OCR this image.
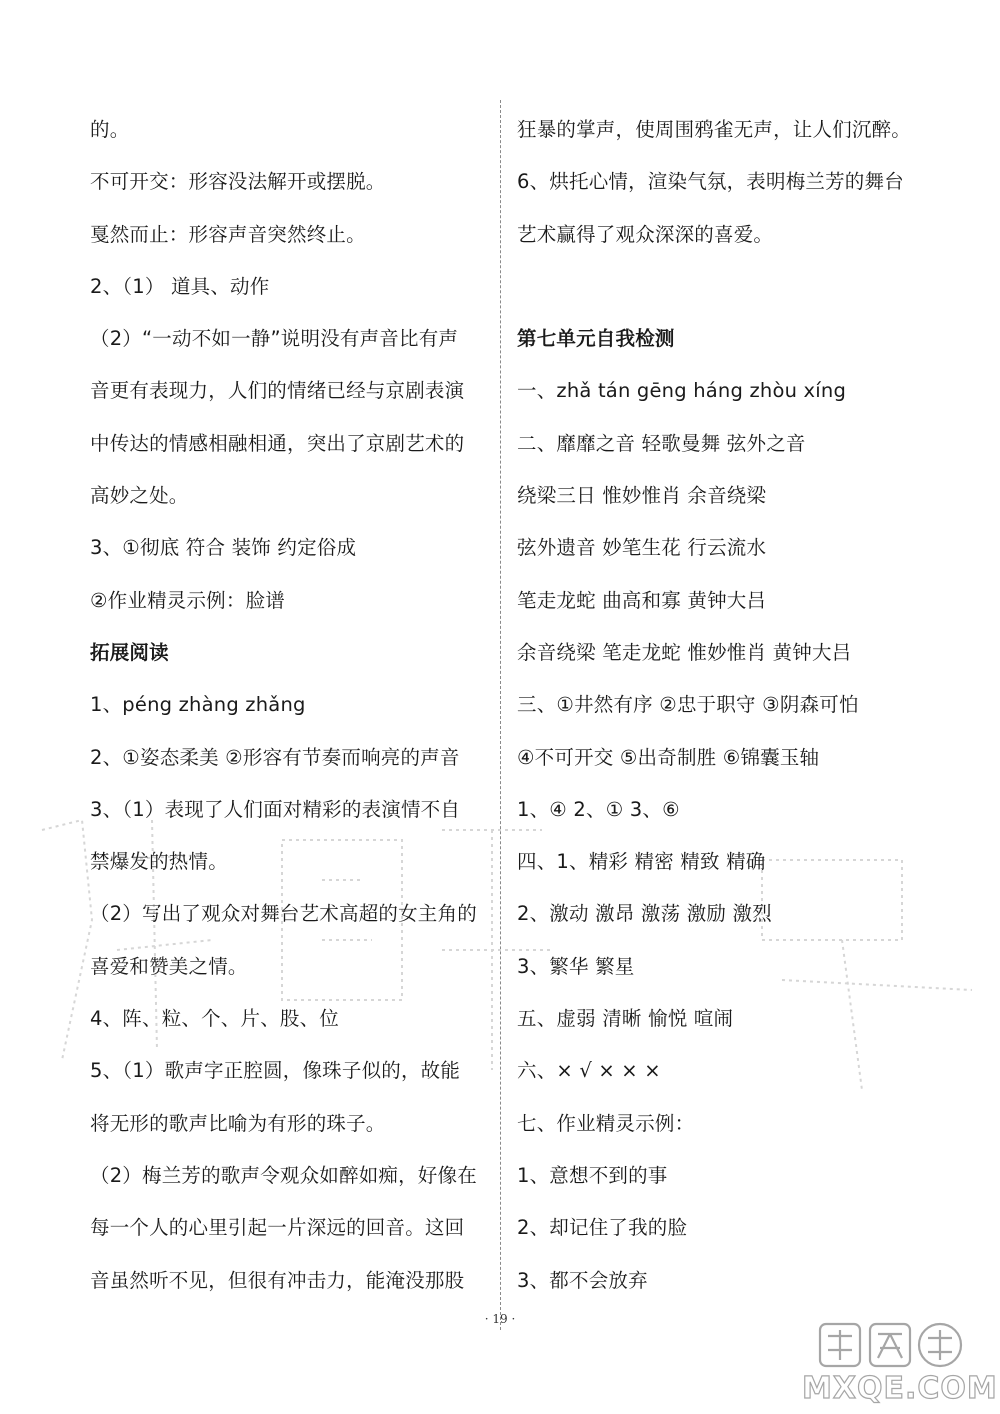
的。
不可开交：形容没法解开或摆脱。
戛然而止：形容声音突然终止。
2、（1） 道具、动作
（2）“一动不如一静”说明没有声音比有声
音更有表现力，人们的情绪已经与京剧表演
中传达的情感相融相通，突出了京剧艺术的
高妙之处。
3、①彻底 符合 装饰 约定俗成
②作业精灵示例：脸谱
拓展阅读
1、péng zhàng zhǎng
2、①姿态柔美 ②形容有节奏而响亮的声音
3、（1）表现了人们面对精彩的表演情不自
禁爆发的热情。
（2）写出了观众对舞台艺术高超的女主角的
喜爱和赞美之情。
4、阵、粒、个、片、股、位
5、（1）歌声字正腔圆，像珠子似的，故能
将无形的歌声比喻为有形的珠子。
（2）梅兰芳的歌声令观众如醉如痴，好像在
每一个人的心里引起一片深远的回音。这回
音虽然听不见，但很有冲击力，能淹没那股
狂暴的掌声，使周围鸦雀无声，让人们沉醉。
6、烘托心情，渲染气氛，表明梅兰芳的舞台
艺术赢得了观众深深的喜爱。
第七单元自我检测
一、zhǎ tán gēng háng zhòu xíng
二、靡靡之音 轻歌曼舞 弦外之音
绕梁三日 惟妙惟肖 余音绕梁
弦外遗音 妙笔生花 行云流水
笔走龙蛇 曲高和寡 黄钟大吕
余音绕梁 笔走龙蛇 惟妙惟肖 黄钟大吕
三、①井然有序 ②忠于职守 ③阴森可怕
④不可开交 ⑤出奇制胜 ⑥锦囊玉轴
1、④ 2、① 3、⑥
四、1、精彩 精密 精致 精确
2、激动 激昂 激荡 激励 激烈
3、繁华 繁星
五、虚弱 清晰 愉悦 喧闹
六、× √ × × ×
七、作业精灵示例：
1、意想不到的事
2、却记住了我的脸
3、都不会放弃
· 19 ·
MXQE.COM
